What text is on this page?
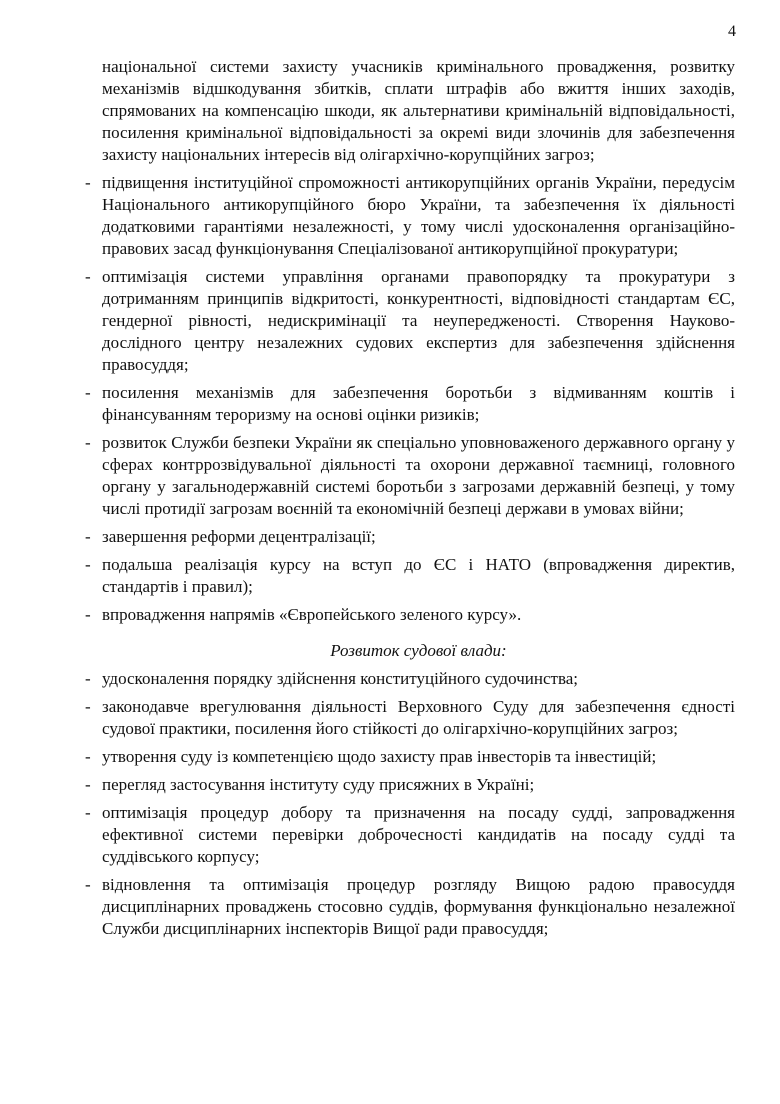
4

національної системи захисту учасників кримінального провадження, розвитку механізмів відшкодування збитків, сплати штрафів або вжиття інших заходів, спрямованих на компенсацію шкоди, як альтернативи кримінальній відповідальності, посилення кримінальної відповідальності за окремі види злочинів для забезпечення захисту національних інтересів від олігархічно-корупційних загроз;

- підвищення інституційної спроможності антикорупційних органів України, передусім Національного антикорупційного бюро України, та забезпечення їх діяльності додатковими гарантіями незалежності, у тому числі удосконалення організаційно-правових засад функціонування Спеціалізованої антикорупційної прокуратури;
- оптимізація системи управління органами правопорядку та прокуратури з дотриманням принципів відкритості, конкурентності, відповідності стандартам ЄС, гендерної рівності, недискримінації та неупередженості. Створення Науково-дослідного центру незалежних судових експертиз для забезпечення здійснення правосуддя;
- посилення механізмів для забезпечення боротьби з відмиванням коштів і фінансуванням тероризму на основі оцінки ризиків;
- розвиток Служби безпеки України як спеціально уповноваженого державного органу у сферах контррозвідувальної діяльності та охорони державної таємниці, головного органу у загальнодержавній системі боротьби з загрозами державній безпеці, у тому числі протидії загрозам воєнній та економічній безпеці держави в умовах війни;
- завершення реформи децентралізації;
- подальша реалізація курсу на вступ до ЄС і НАТО (впровадження директив, стандартів і правил);
- впровадження напрямів «Європейського зеленого курсу».
Розвиток судової влади:
- удосконалення порядку здійснення конституційного судочинства;
- законодавче врегулювання діяльності Верховного Суду для забезпечення єдності судової практики, посилення його стійкості до олігархічно-корупційних загроз;
- утворення суду із компетенцією щодо захисту прав інвесторів та інвестицій;
- перегляд застосування інституту суду присяжних в Україні;
- оптимізація процедур добору та призначення на посаду судді, запровадження ефективної системи перевірки доброчесності кандидатів на посаду судді та суддівського корпусу;
- відновлення та оптимізація процедур розгляду Вищою радою правосуддя дисциплінарних проваджень стосовно суддів, формування функціонально незалежної Служби дисциплінарних інспекторів Вищої ради правосуддя;
